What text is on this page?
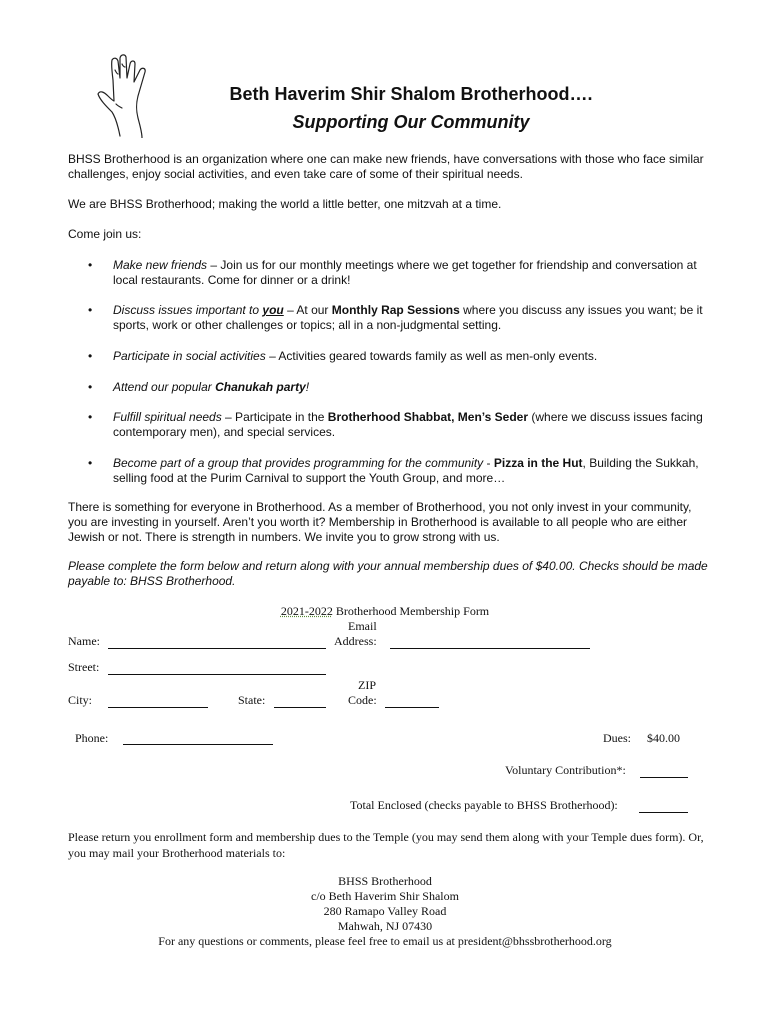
Beth Haverim Shir Shalom Brotherhood….
Supporting Our Community
BHSS Brotherhood is an organization where one can make new friends, have conversations with those who face similar challenges, enjoy social activities, and even take care of some of their spiritual needs.
We are BHSS Brotherhood; making the world a little better, one mitzvah at a time.
Come join us:
• Make new friends – Join us for our monthly meetings where we get together for friendship and conversation at local restaurants. Come for dinner or a drink!
• Discuss issues important to you – At our Monthly Rap Sessions where you discuss any issues you want; be it sports, work or other challenges or topics; all in a non-judgmental setting.
• Participate in social activities – Activities geared towards family as well as men-only events.
• Attend our popular Chanukah party!
• Fulfill spiritual needs – Participate in the Brotherhood Shabbat, Men’s Seder (where we discuss issues facing contemporary men), and special services.
• Become part of a group that provides programming for the community - Pizza in the Hut, Building the Sukkah, selling food at the Purim Carnival to support the Youth Group, and more…
There is something for everyone in Brotherhood. As a member of Brotherhood, you not only invest in your community, you are investing in yourself. Aren’t you worth it? Membership in Brotherhood is available to all people who are either Jewish or not. There is strength in numbers. We invite you to grow strong with us.
Please complete the form below and return along with your annual membership dues of $40.00. Checks should be made payable to: BHSS Brotherhood.
2021-2022 Brotherhood Membership Form
Name:
Email
Address:
Street:
City:	State:
ZIP
Code:
Phone:	Dues: $40.00
Voluntary Contribution*:
Total Enclosed (checks payable to BHSS Brotherhood):
Please return you enrollment form and membership dues to the Temple (you may send them along with your Temple dues form). Or, you may mail your Brotherhood materials to:
BHSS Brotherhood
c/o Beth Haverim Shir Shalom
280 Ramapo Valley Road
Mahwah, NJ 07430
For any questions or comments, please feel free to email us at president@bhssbrotherhood.org
